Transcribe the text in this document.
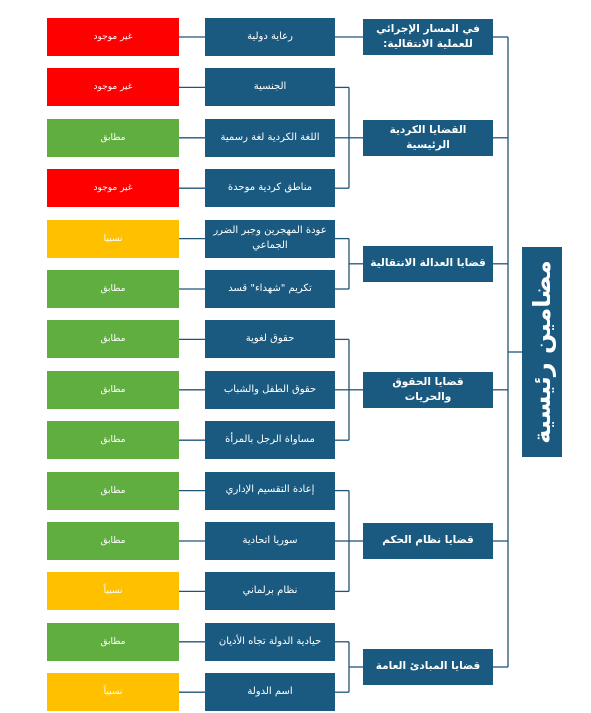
مضامين رئيسية
رعاية دولية
غير موجود
في المسار الإجرائي للعملية الانتقالية:
الجنسية
غير موجود
اللغة الكردية لغة رسمية
مطابق
مناطق كردية موحدة
غير موجود
القضايا الكردية الرئيسية
عودة المهجرين وجبر الضرر الجماعي
نسبيا
تكريم "شهداء" قسد
مطابق
قضايا العدالة الانتقالية
حقوق لغوية
مطابق
حقوق الطفل والشباب
مطابق
مساواة الرجل بالمرأة
مطابق
قضايا الحقوق والحريات
إعادة التقسيم الإداري
مطابق
سوريا اتحادية
مطابق
نظام برلماني
نسبياً
قضايا نظام الحكم
حيادية الدولة تجاه الأديان
مطابق
اسم الدولة
نسبياً
قضايا المبادئ العامة
